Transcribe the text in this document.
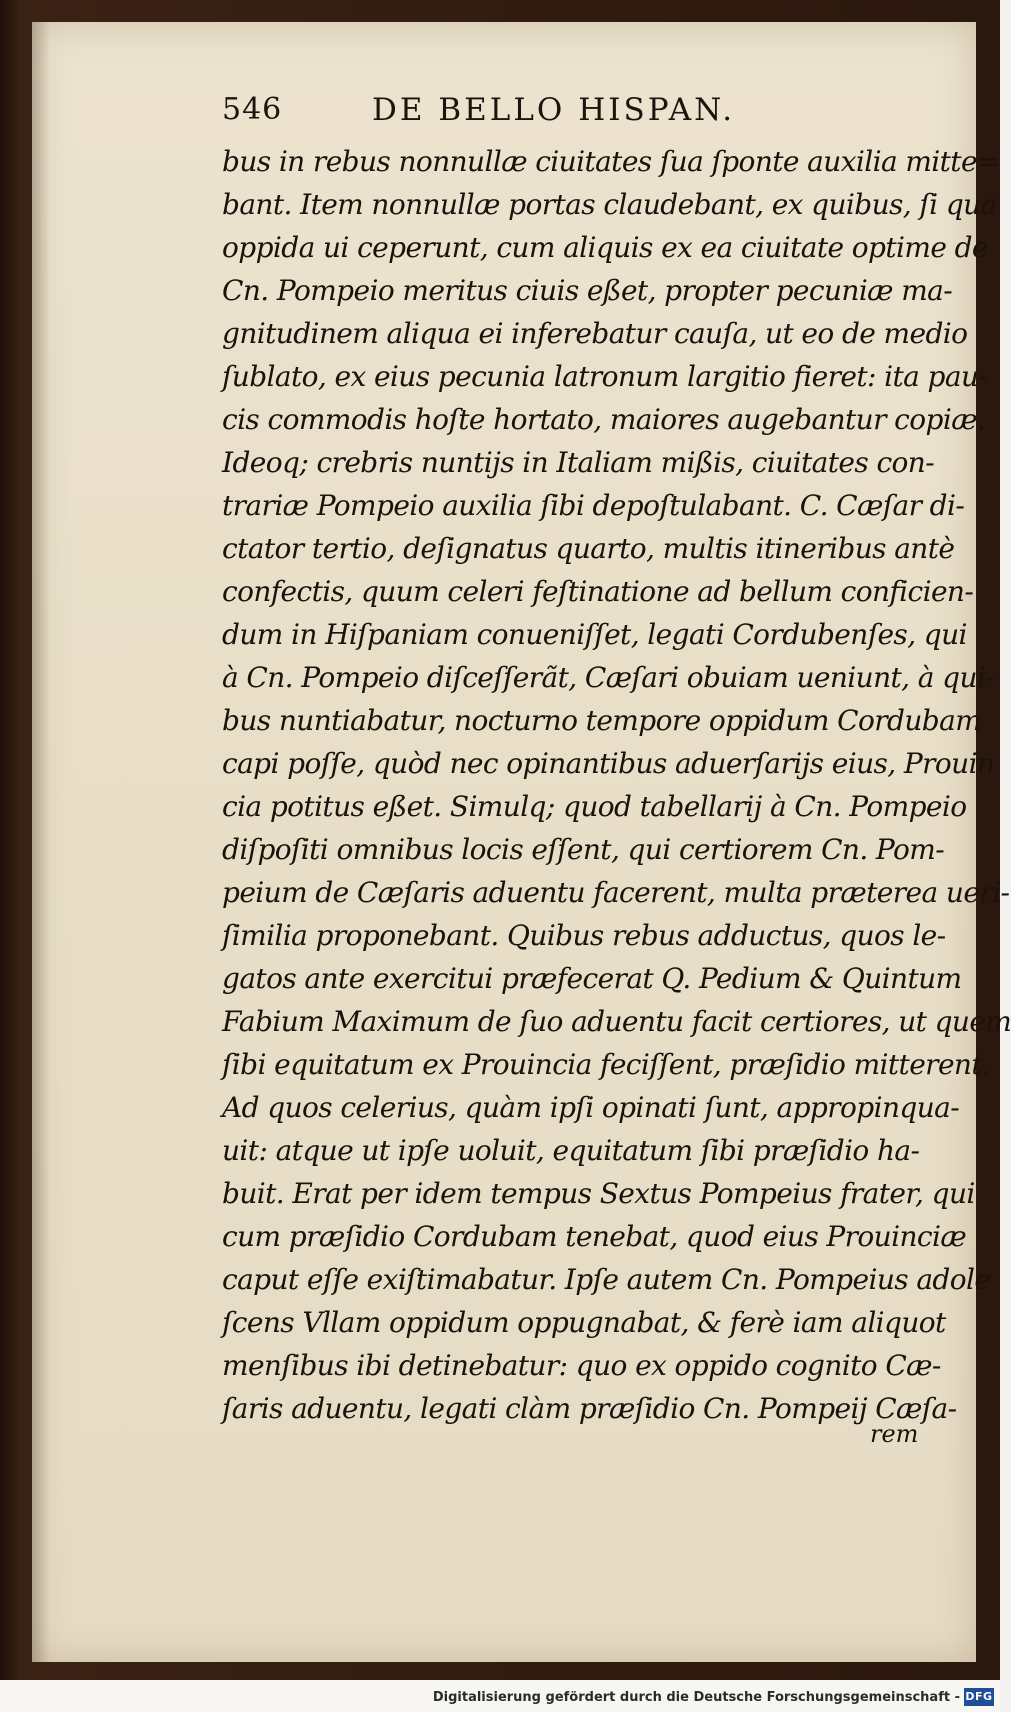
546	DE BELLO HISPAN.
bus in rebus nonnullæ ciuitates ſua ſponte auxilia mitte=
bant. Item nonnullæ portas claudebant, ex quibus, ſi qua
oppida ui ceperunt, cum aliquis ex ea ciuitate optime de
Cn. Pompeio meritus ciuis eßet, propter pecuniæ ma-
gnitudinem aliqua ei inferebatur cauſa, ut eo de medio
ſublato, ex eius pecunia latronum largitio fieret: ita pau-
cis commodis hoſte hortato, maiores augebantur copiæ.
Ideoq; crebris nuntijs in Italiam mißis, ciuitates con-
trariæ Pompeio auxilia ſibi depoſtulabant. C. Cæſar di-
ctator tertio, deſignatus quarto, multis itineribus antè
confectis, quum celeri feſtinatione ad bellum conficien-
dum in Hiſpaniam conueniſſet, legati Cordubenſes, qui
à Cn. Pompeio diſceſſerãt, Cæſari obuiam ueniunt, à qui-
bus nuntiabatur, nocturno tempore oppidum Cordubam
capi poſſe, quòd nec opinantibus aduerſarijs eius, Prouin
cia potitus eßet. Simulq; quod tabellarij à Cn. Pompeio
diſpoſiti omnibus locis eſſent, qui certiorem Cn. Pom-
peium de Cæſaris aduentu facerent, multa præterea ueri-
ſimilia proponebant. Quibus rebus adductus, quos le-
gatos ante exercitui præfecerat Q. Pedium & Quintum
Fabium Maximum de ſuo aduentu facit certiores, ut quem
ſibi equitatum ex Prouincia feciſſent, præſidio mitterent.
Ad quos celerius, quàm ipſi opinati ſunt, appropinqua-
uit: atque ut ipſe uoluit, equitatum ſibi præſidio ha-
buit. Erat per idem tempus Sextus Pompeius frater, qui
cum præſidio Cordubam tenebat, quod eius Prouinciæ
caput eſſe exiſtimabatur. Ipſe autem Cn. Pompeius adole
ſcens Vllam oppidum oppugnabat, & ferè iam aliquot
menſibus ibi detinebatur: quo ex oppido cognito Cæ-
ſaris aduentu, legati clàm præſidio Cn. Pompeij Cæſa-
rem
Digitalisierung gefördert durch die Deutsche Forschungsgemeinschaft - DFG
